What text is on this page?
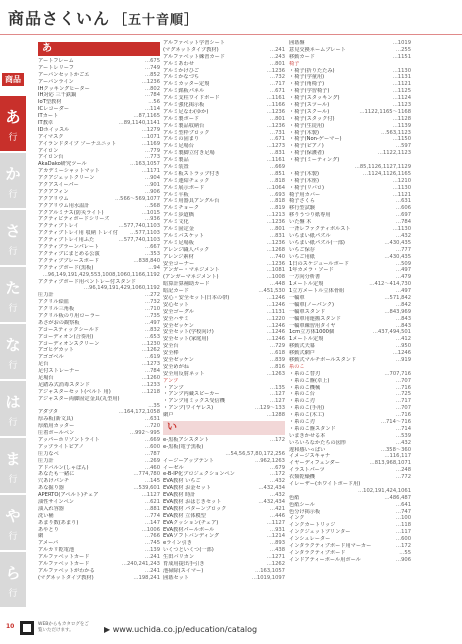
商品さくいん ［五十音順］
商品
あ
行
か
行
さ
行
た
行
な
行
は
行
ま
行
や
行
ら
行
あ
アートフレーム	…675
アートレリーフ	…749
アーバンセットかごエ	…852
アーバンライン	…1236
IHクッキングヒーター	…802
IH対応 三千鉄鍋	…784
IoT型教材	…56
ICレコーダー	…114
ITカート	…87,1165
IT教卓	…89,1140,1141
IDホイッスル	…1279
アイマスク	…1071
アイランドタイプ ゾーナユニット	…1169
アイロン	…779
アイロン台	…773
AkaDako研究ツール	…163,1057
アカデミーシャットマット	…1171
アクアジェットクリーン	…904
アクアスイーパー	…901
アクアフィン	…906
アクアリウム	…566～569,1077
アクアリウム用水温計	…568
アクアルミナス(防災ライト)	…1015
アクティビティボードシリーズ	…936
アクティブトレイ	…577,740,1103
アクティブトレイ用 収納 トレイ付	…577,1103
アクティブトレイ用ふた	…577,740,1103
アクティブラーンパレート	…667
アクティブにまとめる公演	…353
アクティブプレースボード	…838,840
アクティブボード(黒板)	…94
…96,149,191,429,553,1008,1060,1166,1192
アクティブボード用ペントレー付スタンド
…96,149,191,429,1060,1192
圧力計	…272
アクリル絵皿	…732
アクリル三角板	…710
アクリル板のり用ローラー	…735
あさがおの観察板	…497
アコースティックシールド	…832
アコーディオン(合奏用)	…653
アコーディオンスクリーン	…1230
アゴヒゲカット	…1262
アゴゴベル	…619
足台	…1273
足付ストレーナー	…784
足場台	…1260
足踏み式消毒スタンド	…1233
アジャスターセット(ベルト 用)	…1218
アジャスター両脚固定金具(丸型用)
…35
アダプタ	…164,172,1058
厚み板(新文具)	…631
厚紙用カッター	…720
圧着ボールペン	…992～995
アッパーホリゾントライト	…669
アップライトピアノ	…600
圧力なべ	…787
圧力計	…269
アドバルン(しゃぼん)	…460
あなたも一緒に	…774,780
穴あけパンチ	…145
あな掘り器	…539,601
APERTO(アペルト)チェア	…1127
油性サインペン	…621
油入れ容器	…881
洗い桶	…774
あまり数(あまり)	…147
あやとり	…1006
網	…766
アメーバ	…745
アルカリ乾電池	…139
アルファベットカード	…241
アルファベットカード	…240,241,243
アルファベットがわかる	…241
(マグネットタイプ教材)	…198,241
アルファベット学習シート
(マグネットタイプ教材)	…241
アルファベット練習カード	…243
アルミあわせ	…801
アルミかけひご	…1236
アルミかなづち	…732
アルミカッター定規	…717
アルミ銘板パネル	…671
アルミ支柱ワイドボード	…1161
アルミ強化掲示板	…1166
アルミ足なわ(ゆか)	…1236
アルミ製ボード	…801
アルミ製品収納台	…1236
アルミ型枠ブロック	…731
アルミの固まり	…671
アルミ足場台	…1273
アルミ製脚立付き足場	…831
アルミ製品	…1161
アルミ装置	…669
アルミ板ストラップ付き	…851
アルミ連結チェック	…818
アルミ展示ボード	…1064
アルミ平板	…693
アルミ用器具アングル台	…818
アルミチョーク	…819
アルミ歩道橋	…1213
アルミ文化	…1236
アルミ固定金	…801
アルミバスケット	…831
アルミ足場板	…1236
アレンジ職人パック	…1268
アレンジ素材	…740
安全コーナー	…1236
アンガー・マネジメント	…1081
(アンガーマネジメント)	…1008
暗算計算補助カード	…448
暗記カード	…451,530
安心・安全セット(日本の帯)	…1246
安心セット	…1246
安全ゴーグル	…1131
安全ハサミ	…1220
安全ゼッケン	…1246
安全セット(学校向け)	…1246
安全セット(家庭用)	…1246
安全台	…729
安全棒	…618
安全ゼッケン	…839
安全めがね	…816
安全用反射ネット	…1263
アンプ
・アンプ	…135
・アンプ内蔵スピーカー	…127
・アンプ用ミックス受信機	…127
・アンプ(ワイヤレス)	…129～133
網戸	…1288
い
e-黒板アシスタント	…172
e-黒板(電子黒板)
…54,56,57,80,172,256
イージーアップテント	…962,1263
イーゼル	…679
e-B-IP化プロジェクションペン	…172
EVA教材 いちご	…432
EVA教材 お金セット	…432,434
EVA教材 時計	…432
EVA教材 おはじきセット	…432,434
EVA教材 パターンブロック	…421
EVA教材 立体模型	…446
EVAクッション(チェア)	…1127
EVA教材パールボール	…931
EVAソフトバンディング	…1214
eライン引き	…893
いくつといくつ(一部)	…438
生田バリカン	…1271
育成用提出手引き	…1262
池掃除(スイマー)	…163,1057
囲碁セット	…1019,1097
囲碁盤	…1019
意見交換ネームプレート	…255
移動カード	…1151
椅子
・椅子(折りたたみ)	…1130
・椅子(学童用)	…1131
・椅子(角椅子)	…1121
・椅子(学習椅子)	…1125
・椅子(スタッキング)	…1124
・椅子(スツール)	…1123
・椅子(スクール)	…1122,1165～1168
・椅子(スタック付)	…1128
・椅子(生徒用)	…1139
・椅子(木製)	…563,1123
・椅子(Non-ゲーマー)	…1150
・椅子(ピアノ)	…597
・椅子(保護者)	…1122,1123
・椅子(ミーティング)
…85,1126,1127,1129
・椅子(木製)	…1124,1126,1165
・椅子(木座)	…1210
・椅子(リバロ)	…1130
椅子用カバー	…1121
椅子さくら	…631
移行型試験	…606
移りうつり紙専用	…697
いた盤 木	…784
一斉レファクティボルスト	…1130
いちまい紙パズル	…432
いちまい紙パズル(一部)	…430,435
いちご保存	…777
いちご用紙	…430,435
1日のスケジュールボード	…509
1年カメラ・ソード	…497
一方向分析書	…479
1メートル定規	…412～414,730
1立方メートル立体骨組	…497
一輪車	…571,842
一輪車(ノーパンク)	…842
一輪車スタンド	…843,969
一輪車用運搬スタンド	…843
一輪車練習用タイヤ	…843
1cm立方体1000個	…437,494,501
1メートル定規	…412
移動式天幕	…950
移動式網戸	…1246
移動式マルチボールスタンド	…919
糸のこ
・糸のこ替刃	…707,716
・糸のこ盤(卓上)	…707
・糸のこ機械	…716
・糸のこ台	…725
・糸のこ刃	…717
・糸のこ(手用)	…707
・糸のこ(木工)	…716
・糸のこ刃	…714～716
・糸のこ盤スタンド	…714
いまきかせる本	…539
いろいろなかたちの図形	…432
違和感いっぱい	…358～360
イメージスキャナ	…116,117
イヤーディフェンダー	…813,968,1071
イラストパーツ	…248
衣類乾燥機	…772
イレーザー(ホワイトボード用)
…102,191,424,1061
色紙	…486,487
色紙シール	…641
色分け掲示板	…747
インク	…100
インクカートリッジ	…118
インクジェットプリンター	…117
インシュレーター	…600
インタラクティブボード用マーカー	…172
インタラクティブボード	…55
インドアティーボール用ボール	…906
10	WEBからもカタログをご覧いただけます。	▶ www.uchida.co.jp/education/catalog
